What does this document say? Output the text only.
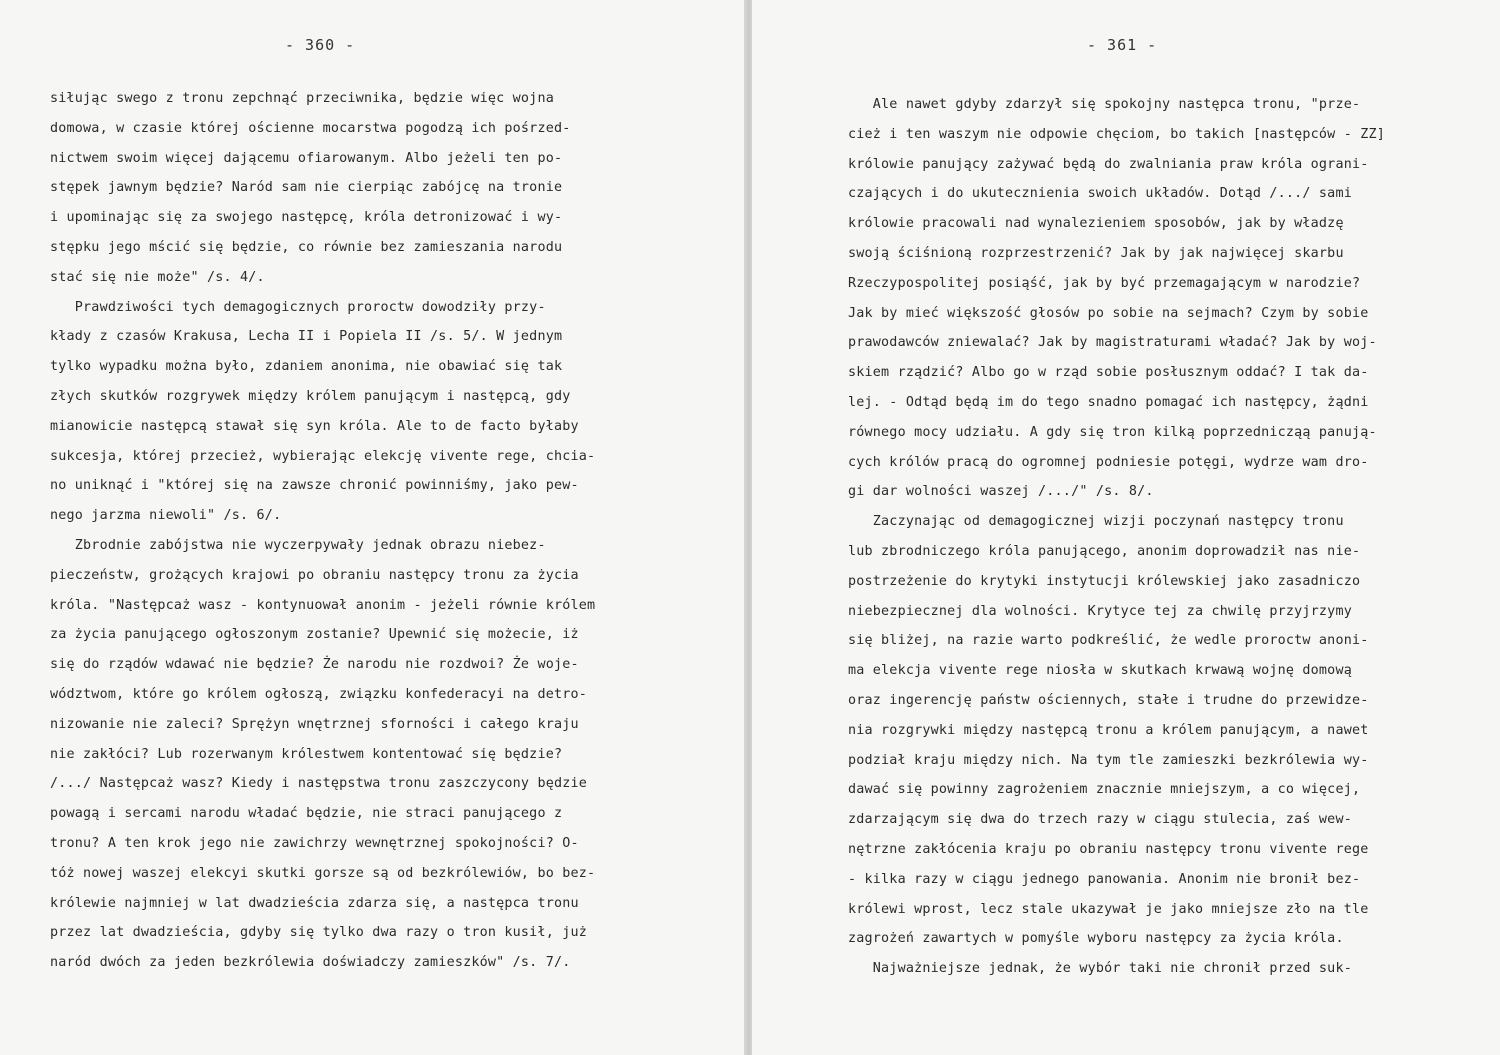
- 360 -
siłując swego z tronu zepchnąć przeciwnika, będzie więc wojna
domowa, w czasie której ościenne mocarstwa pogodzą ich pośrzed-
nictwem swoim więcej dającemu ofiarowanym. Albo jeżeli ten po-
stępek jawnym będzie? Naród sam nie cierpiąc zabójcę na tronie
i upominając się za swojego następcę, króla detronizować i wy-
stępku jego mścić się będzie, co równie bez zamieszania narodu
stać się nie może" /s. 4/.
Prawdziwości tych demagogicznych proroctw dowodziły przy-
kłady z czasów Krakusa, Lecha II i Popiela II /s. 5/. W jednym
tylko wypadku można było, zdaniem anonima, nie obawiać się tak
złych skutków rozgrywek między królem panującym i następcą, gdy
mianowicie następcą stawał się syn króla. Ale to de facto byłaby
sukcesja, której przecież, wybierając elekcję vivente rege, chcia-
no uniknąć i "której się na zawsze chronić powinniśmy, jako pew-
nego jarzma niewoli" /s. 6/.
Zbrodnie zabójstwa nie wyczerpywały jednak obrazu niebez-
pieczeństw, grożących krajowi po obraniu następcy tronu za życia
króla. "Następcaż wasz - kontynuował anonim - jeżeli równie królem
za życia panującego ogłoszonym zostanie? Upewnić się możecie, iż
się do rządów wdawać nie będzie? Że narodu nie rozdwoi? Że woje-
wództwom, które go królem ogłoszą, związku konfederacyi na detro-
nizowanie nie zaleci? Sprężyn wnętrznej sforności i całego kraju
nie zakłóci? Lub rozerwanym królestwem kontentować się będzie?
/.../ Następcaż wasz? Kiedy i następstwa tronu zaszczycony będzie
powagą i sercami narodu władać będzie, nie straci panującego z
tronu? A ten krok jego nie zawichrzy wewnętrznej spokojności? O-
tóż nowej waszej elekcyi skutki gorsze są od bezkrólewiów, bo bez-
królewie najmniej w lat dwadzieścia zdarza się, a następca tronu
przez lat dwadzieścia, gdyby się tylko dwa razy o tron kusił, już
naród dwóch za jeden bezkrólewia doświadczy zamieszków" /s. 7/.
- 361 -
Ale nawet gdyby zdarzył się spokojny następca tronu, "prze-
cież i ten waszym nie odpowie chęciom, bo takich [następców - ZZ]
królowie panujący zażywać będą do zwalniania praw króla ograni-
czających i do ukutecznienia swoich układów. Dotąd /.../ sami
królowie pracowali nad wynalezieniem sposobów, jak by władzę
swoją ściśnioną rozprzestrzenić? Jak by jak najwięcej skarbu
Rzeczypospolitej posiąść, jak by być przemagającym w narodzie?
Jak by mieć większość głosów po sobie na sejmach? Czym by sobie
prawodawców zniewalać? Jak by magistraturami władać? Jak by woj-
skiem rządzić? Albo go w rząd sobie posłusznym oddać? I tak da-
lej. - Odtąd będą im do tego snadno pomagać ich następcy, żądni
równego mocy udziału. A gdy się tron kilką poprzednicząą panują-
cych królów pracą do ogromnej podniesie potęgi, wydrze wam dro-
gi dar wolności waszej /.../" /s. 8/.
Zaczynając od demagogicznej wizji poczynań następcy tronu
lub zbrodniczego króla panującego, anonim doprowadził nas nie-
postrzeżenie do krytyki instytucji królewskiej jako zasadniczo
niebezpiecznej dla wolności. Krytyce tej za chwilę przyjrzymy
się bliżej, na razie warto podkreślić, że wedle proroctw anoni-
ma elekcja vivente rege niosła w skutkach krwawą wojnę domową
oraz ingerencję państw ościennych, stałe i trudne do przewidze-
nia rozgrywki między następcą tronu a królem panującym, a nawet
podział kraju między nich. Na tym tle zamieszki bezkrólewia wy-
dawać się powinny zagrożeniem znacznie mniejszym, a co więcej,
zdarzającym się dwa do trzech razy w ciągu stulecia, zaś wew-
nętrzne zakłócenia kraju po obraniu następcy tronu vivente rege
- kilka razy w ciągu jednego panowania. Anonim nie bronił bez-
królewi wprost, lecz stale ukazywał je jako mniejsze zło na tle
zagrożeń zawartych w pomyśle wyboru następcy za życia króla.
Najważniejsze jednak, że wybór taki nie chronił przed suk-
